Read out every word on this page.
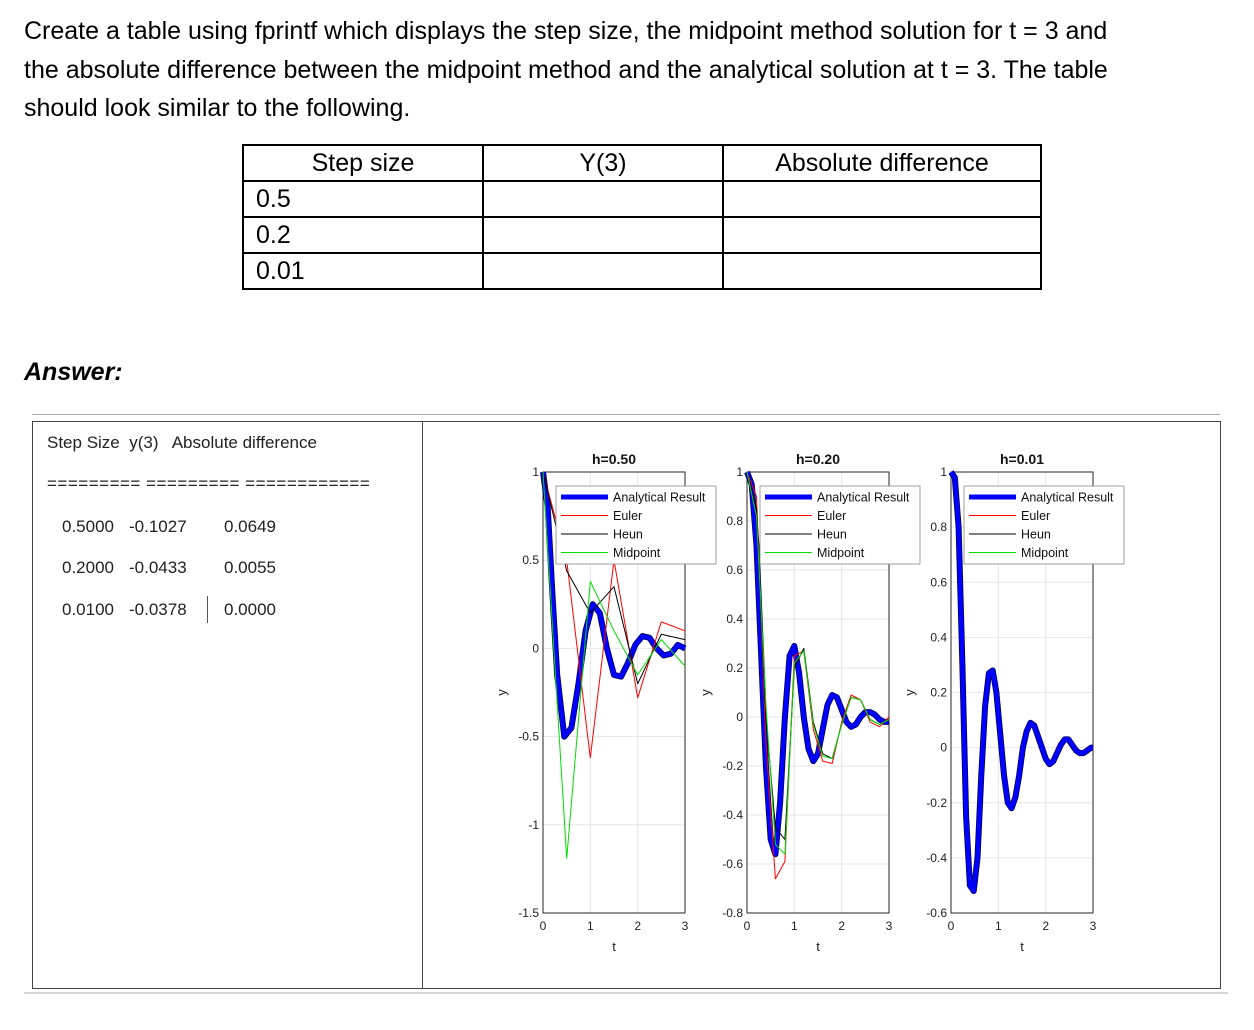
Create a table using fprintf which displays the step size, the midpoint method solution for t = 3 and
the absolute difference between the midpoint method and the analytical solution at t = 3. The table
should look similar to the following.
Step size	Y(3)	Absolute difference
0.5		
0.2		
0.01		
Answer:
Step Size  y(3)   Absolute difference
========= ========= ============
0.5000 -0.1027 0.0649
0.2000 -0.0433 0.0055
0.0100 -0.0378 0.0000
0	1	2	3
-1.5
-1
-0.5
0
0.5
1
h=0.50
t
y
Analytical Result
Euler
Heun
Midpoint
0	1	2	3
-0.8
-0.6
-0.4
-0.2
0
0.2
0.4
0.6
0.8
1
h=0.20
t
y
Analytical Result
Euler
Heun
Midpoint
0	1	2	3
-0.6
-0.4
-0.2
0
0.2
0.4
0.6
0.8
1
h=0.01
t
y
Analytical Result
Euler
Heun
Midpoint
